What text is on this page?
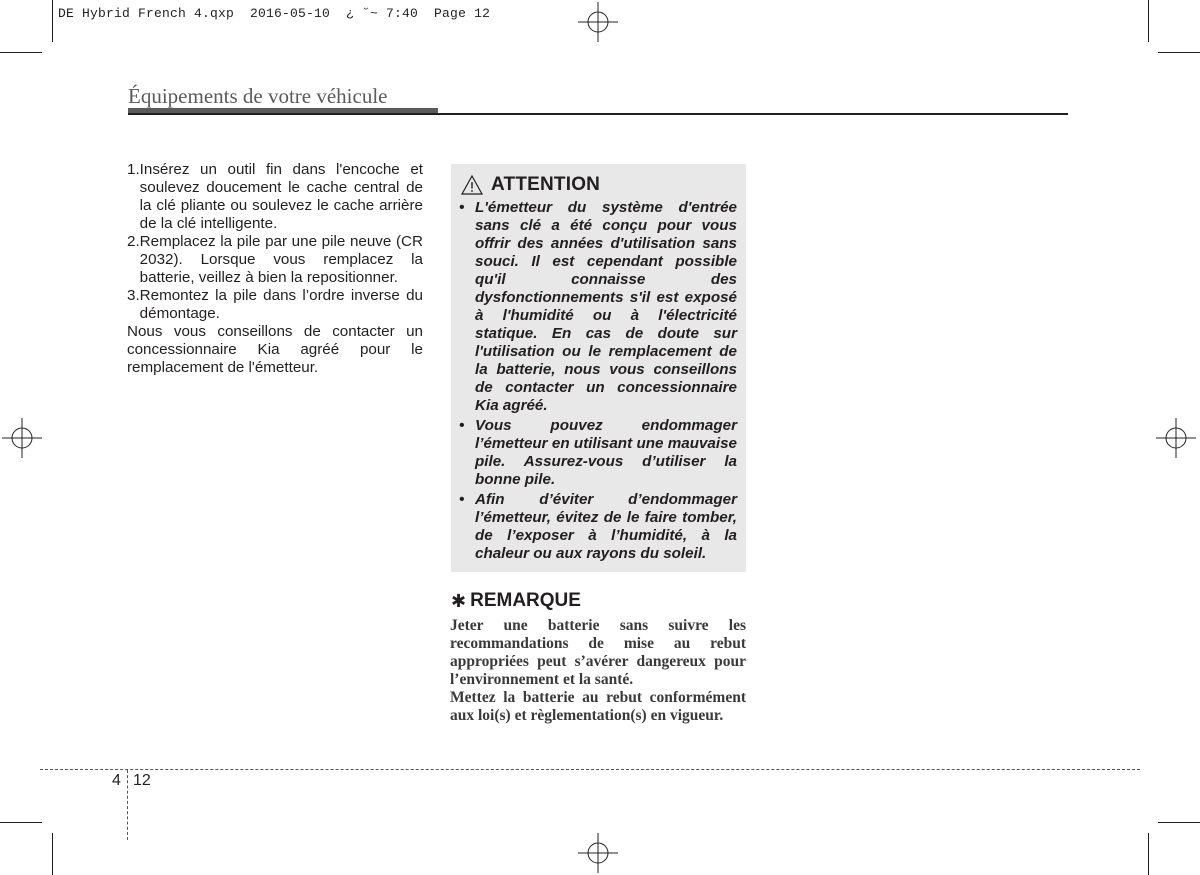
DE Hybrid French 4.qxp  2016-05-10  ¿ ˘~ 7:40  Page 12
Équipements de votre véhicule
1. Insérez un outil fin dans l'encoche et soulevez doucement le cache central de la clé pliante ou soulevez le cache arrière de la clé intelligente.
2. Remplacez la pile par une pile neuve (CR 2032). Lorsque vous remplacez la batterie, veillez à bien la repositionner.
3. Remontez la pile dans l’ordre inverse du démontage.
Nous vous conseillons de contacter un concessionnaire Kia agréé pour le remplacement de l'émetteur.
ATTENTION
• L'émetteur du système d'entrée sans clé a été conçu pour vous offrir des années d'utilisation sans souci. Il est cependant possible qu'il connaisse des dysfonctionnements s'il est exposé à l'humidité ou à l'électricité statique. En cas de doute sur l'utilisation ou le remplacement de la batterie, nous vous conseillons de contacter un concessionnaire Kia agréé.
• Vous pouvez endommager l’émetteur en utilisant une mauvaise pile. Assurez-vous d’utiliser la bonne pile.
• Afin d’éviter d’endommager l’émetteur, évitez de le faire tomber, de l’exposer à l’humidité, à la chaleur ou aux rayons du soleil.
✱ REMARQUE

Jeter une batterie sans suivre les recommandations de mise au rebut appropriées peut s’avérer dangereux pour l’environnement et la santé.

Mettez la batterie au rebut conformément aux loi(s) et règlementation(s) en vigueur.

4 12
